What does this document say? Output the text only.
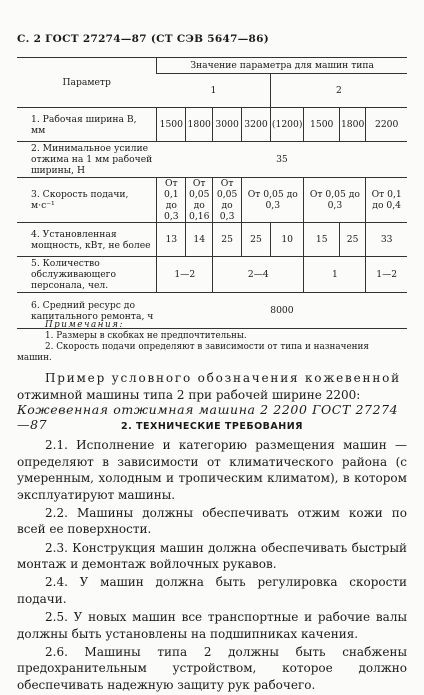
С. 2 ГОСТ 27274—87 (СТ СЭВ 5647—86)
Параметр	Значение параметра для машин типа							
	1				2			
1. Рабочая ширина B, мм	1500	1800	3000	3200	(1200)	1500	1800	2200
2. Минимальное усилие отжима на 1 мм рабочей ширины, Н	35							
3. Скорость подачи, м·с⁻¹	От 0,1 до 0,3	От 0,05 до 0,16	От 0,05 до 0,3	От 0,05 до 0,3		От 0,05 до 0,3		От 0,1 до 0,4
4. Установленная мощность, кВт, не более	13	14	25	25	10	15	25	33
5. Количество обслуживающего персонала, чел.	1—2		2—4			1		1—2
6. Средний ресурс до капитального ремонта, ч	8000							
Примечания:
1. Размеры в скобках не предпочтительны.
2. Скорость подачи определяют в зависимости от типа и назначения
машин.
Пример условного обозначения кожевенной
отжимной машины типа 2 при рабочей ширине 2200:
Кожевенная отжимная машина 2 2200 ГОСТ 27274—87	2. ТЕХНИЧЕСКИЕ ТРЕБОВАНИЯ

2.1. Исполнение и категорию размещения машин — определяют в зависимости от климатического района (с умеренным, холодным и тропическим климатом), в котором эксплуатируют машины.

2.2. Машины должны обеспечивать отжим кожи по всей ее поверхности.

2.3. Конструкция машин должна обеспечивать быстрый монтаж и демонтаж войлочных рукавов.

2.4. У машин должна быть регулировка скорости подачи.

2.5. У новых машин все транспортные и рабочие валы должны быть установлены на подшипниках качения.

2.6. Машины типа 2 должны быть снабжены предохранительным устройством, которое должно обеспечивать надежную защиту рук рабочего.
